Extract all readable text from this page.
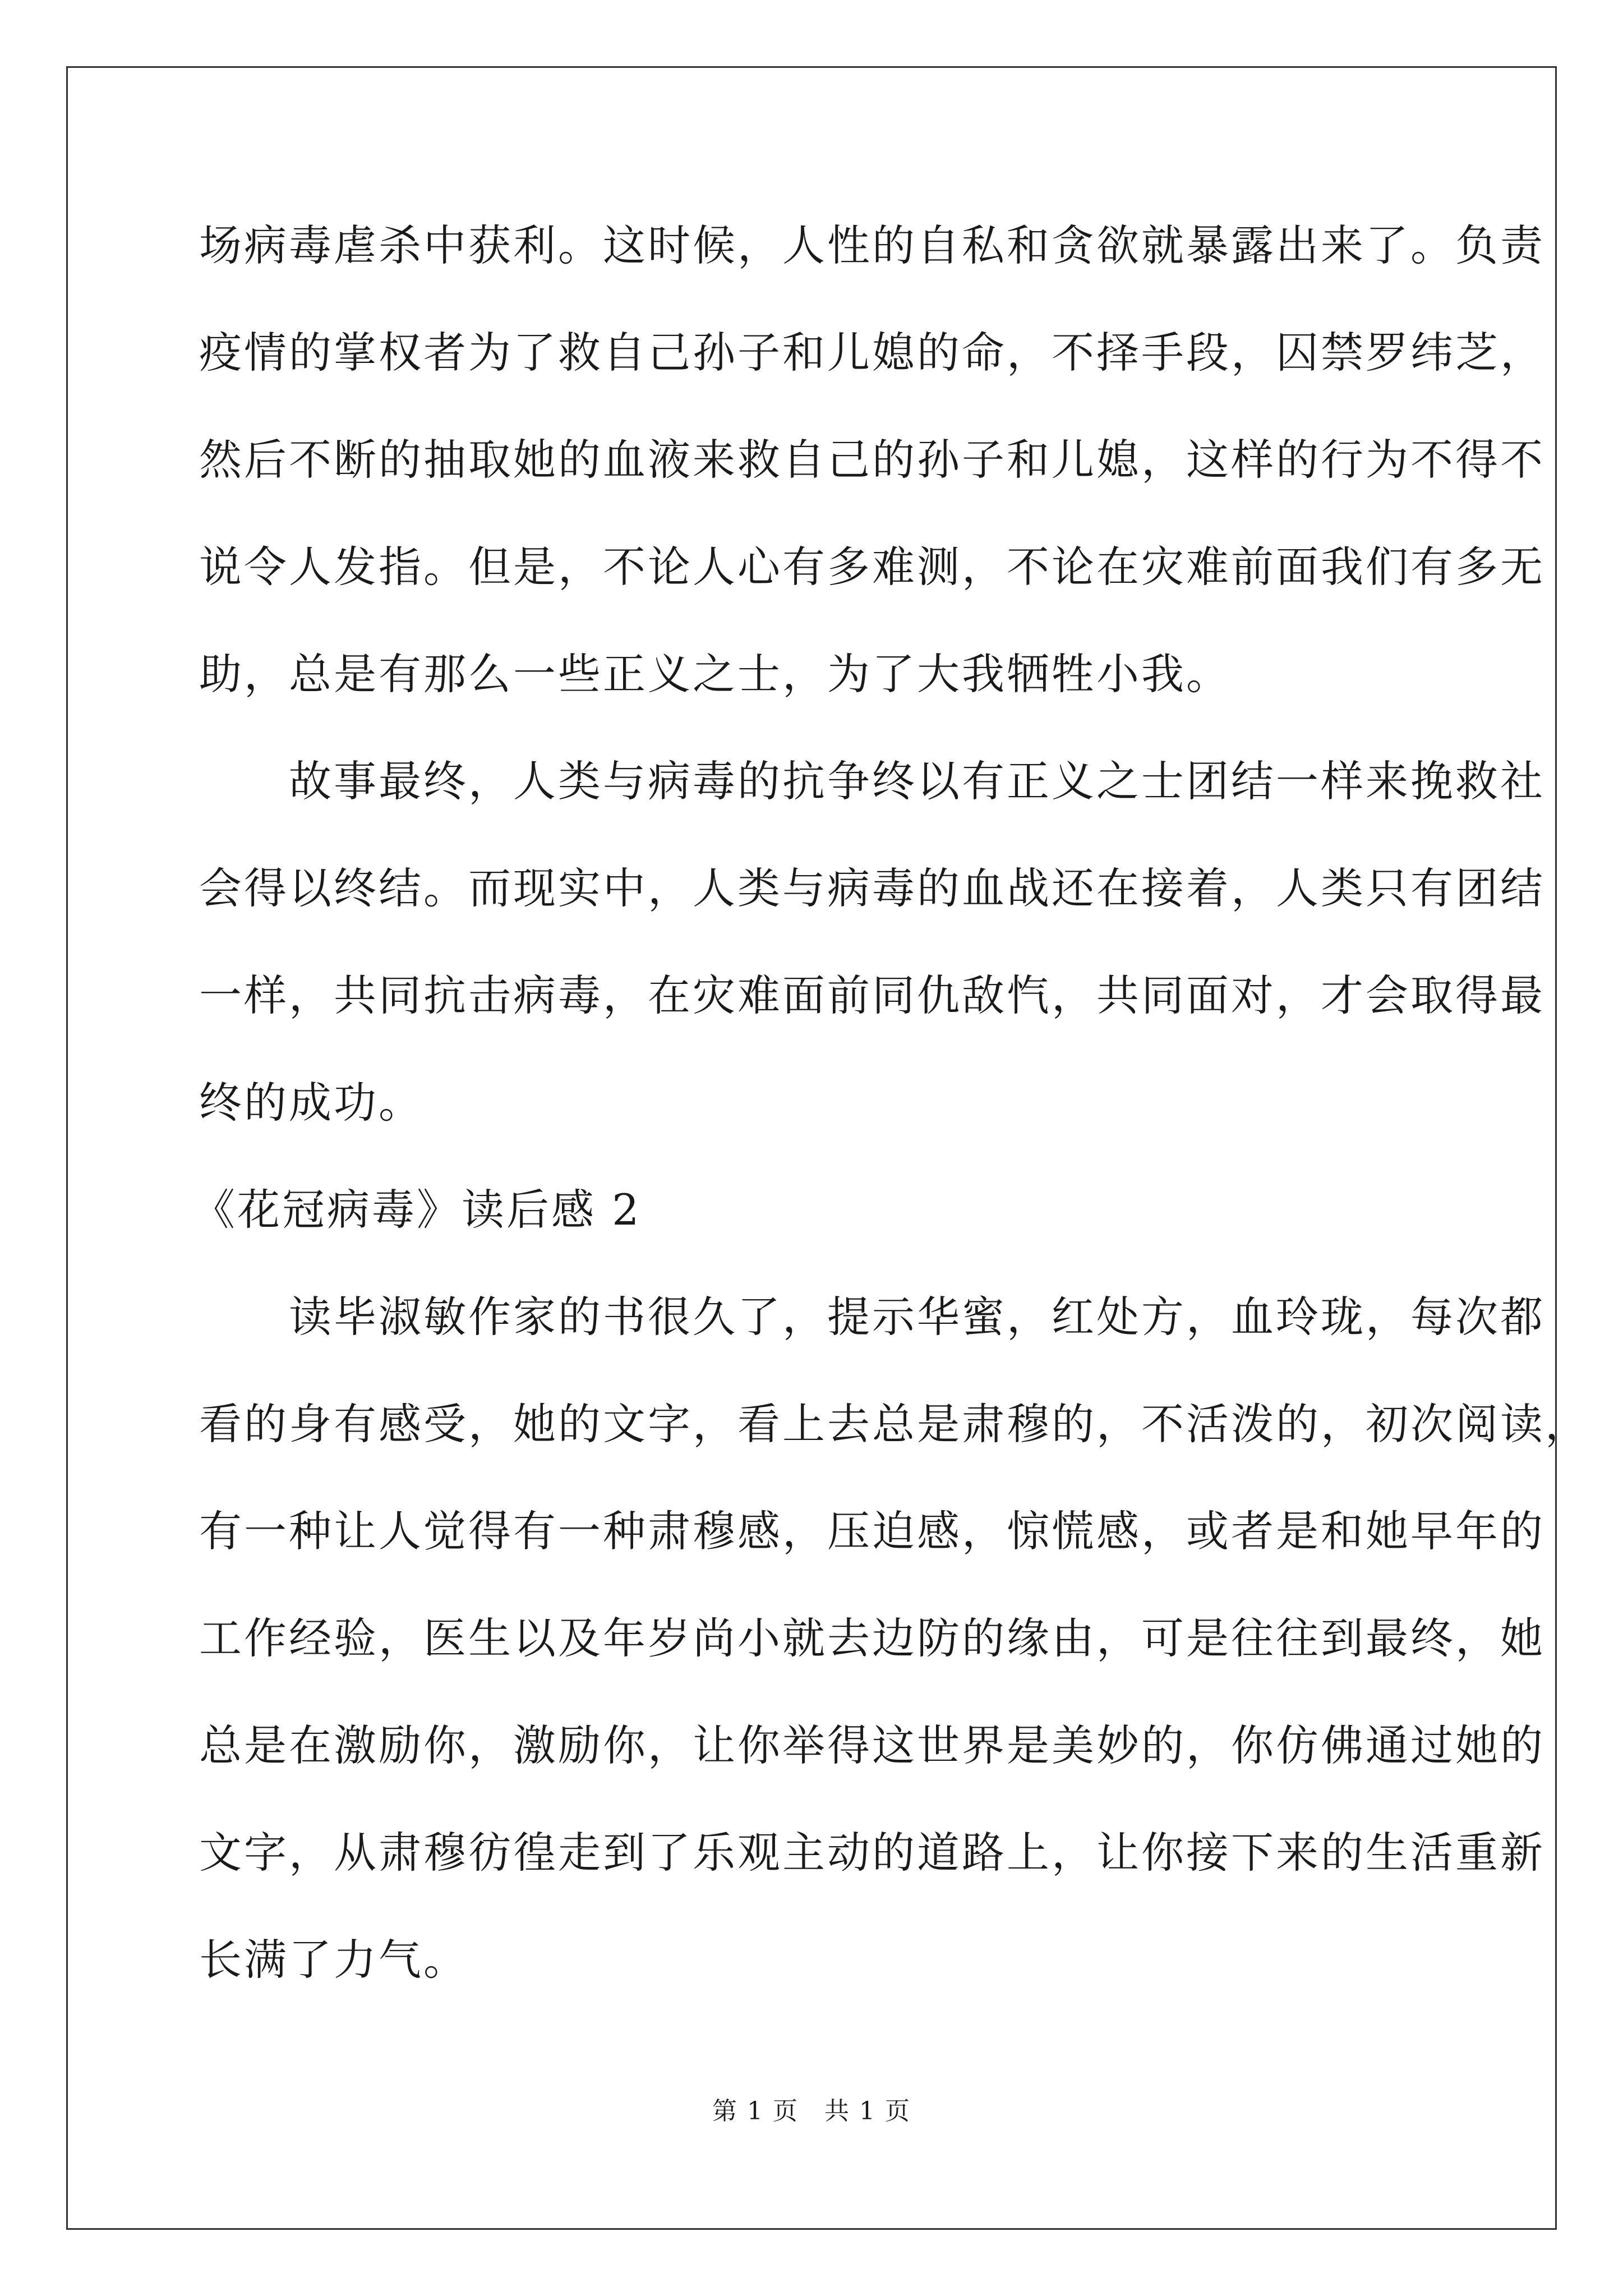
场病毒虐杀中获利。这时候，人性的自私和贪欲就暴露出来了。负责

疫情的掌权者为了救自己孙子和儿媳的命，不择手段，囚禁罗纬芝，

然后不断的抽取她的血液来救自己的孙子和儿媳，这样的行为不得不

说令人发指。但是，不论人心有多难测，不论在灾难前面我们有多无

助，总是有那么一些正义之士，为了大我牺牲小我。

故事最终，人类与病毒的抗争终以有正义之士团结一样来挽救社

会得以终结。而现实中，人类与病毒的血战还在接着，人类只有团结

一样，共同抗击病毒，在灾难面前同仇敌忾，共同面对，才会取得最

终的成功。

《花冠病毒》读后感 2

读毕淑敏作家的书很久了，提示华蜜，红处方，血玲珑，每次都

看的身有感受，她的文字，看上去总是肃穆的，不活泼的，初次阅读，

有一种让人觉得有一种肃穆感，压迫感，惊慌感，或者是和她早年的

工作经验，医生以及年岁尚小就去边防的缘由，可是往往到最终，她

总是在激励你，激励你，让你举得这世界是美妙的，你仿佛通过她的

文字，从肃穆彷徨走到了乐观主动的道路上，让你接下来的生活重新

长满了力气。

第 1 页　共 1 页
